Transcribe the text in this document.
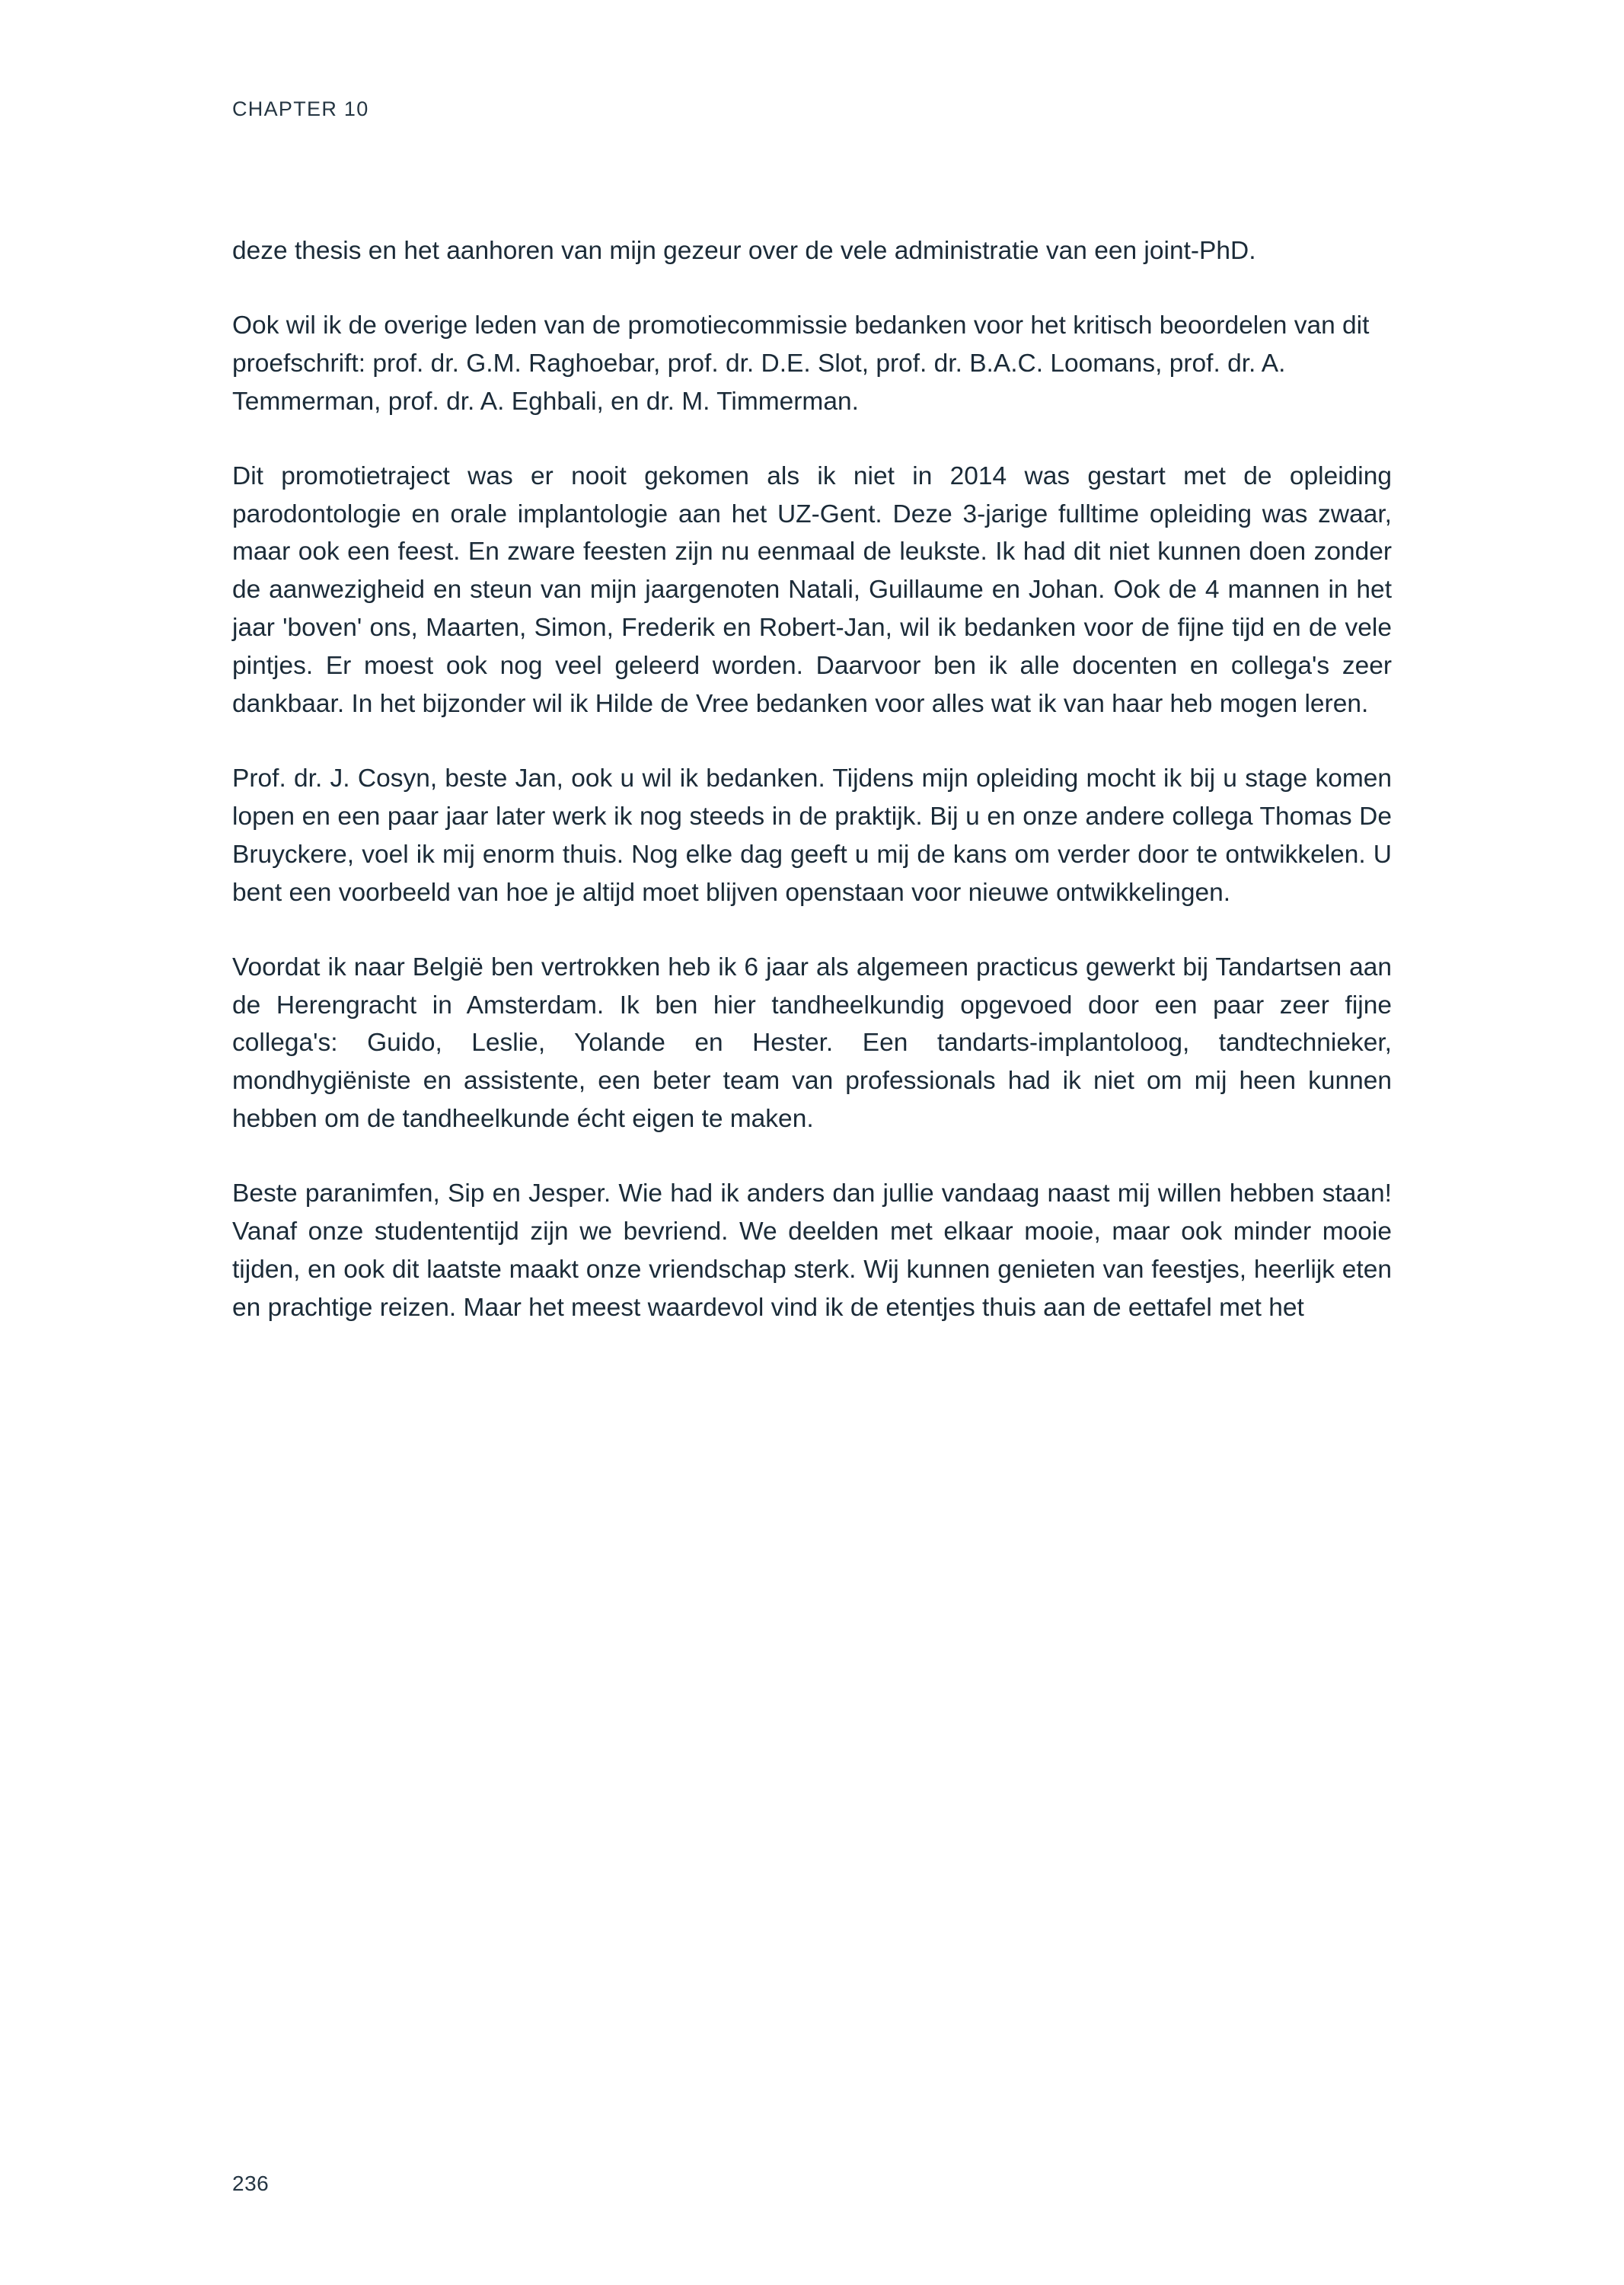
CHAPTER 10

deze thesis en het aanhoren van mijn gezeur over de vele administratie van een joint-PhD.

Ook wil ik de overige leden van de promotiecommissie bedanken voor het kritisch beoordelen van dit proefschrift: prof. dr. G.M. Raghoebar, prof. dr. D.E. Slot, prof. dr. B.A.C. Loomans, prof. dr. A. Temmerman, prof. dr. A. Eghbali, en dr. M. Timmerman.

Dit promotietraject was er nooit gekomen als ik niet in 2014 was gestart met de opleiding parodontologie en orale implantologie aan het UZ-Gent. Deze 3-jarige fulltime opleiding was zwaar, maar ook een feest. En zware feesten zijn nu eenmaal de leukste. Ik had dit niet kunnen doen zonder de aanwezigheid en steun van mijn jaargenoten Natali, Guillaume en Johan. Ook de 4 mannen in het jaar 'boven' ons, Maarten, Simon, Frederik en Robert-Jan, wil ik bedanken voor de fijne tijd en de vele pintjes. Er moest ook nog veel geleerd worden. Daarvoor ben ik alle docenten en collega's zeer dankbaar. In het bijzonder wil ik Hilde de Vree bedanken voor alles wat ik van haar heb mogen leren.

Prof. dr. J. Cosyn, beste Jan, ook u wil ik bedanken. Tijdens mijn opleiding mocht ik bij u stage komen lopen en een paar jaar later werk ik nog steeds in de praktijk. Bij u en onze andere collega Thomas De Bruyckere, voel ik mij enorm thuis. Nog elke dag geeft u mij de kans om verder door te ontwikkelen. U bent een voorbeeld van hoe je altijd moet blijven openstaan voor nieuwe ontwikkelingen.

Voordat ik naar België ben vertrokken heb ik 6 jaar als algemeen practicus gewerkt bij Tandartsen aan de Herengracht in Amsterdam. Ik ben hier tandheelkundig opgevoed door een paar zeer fijne collega's: Guido, Leslie, Yolande en Hester. Een tandarts-implantoloog, tandtechnieker, mondhygiëniste en assistente, een beter team van professionals had ik niet om mij heen kunnen hebben om de tandheelkunde écht eigen te maken.

Beste paranimfen, Sip en Jesper. Wie had ik anders dan jullie vandaag naast mij willen hebben staan! Vanaf onze studententijd zijn we bevriend. We deelden met elkaar mooie, maar ook minder mooie tijden, en ook dit laatste maakt onze vriendschap sterk. Wij kunnen genieten van feestjes, heerlijk eten en prachtige reizen. Maar het meest waardevol vind ik de etentjes thuis aan de eettafel met het

236
